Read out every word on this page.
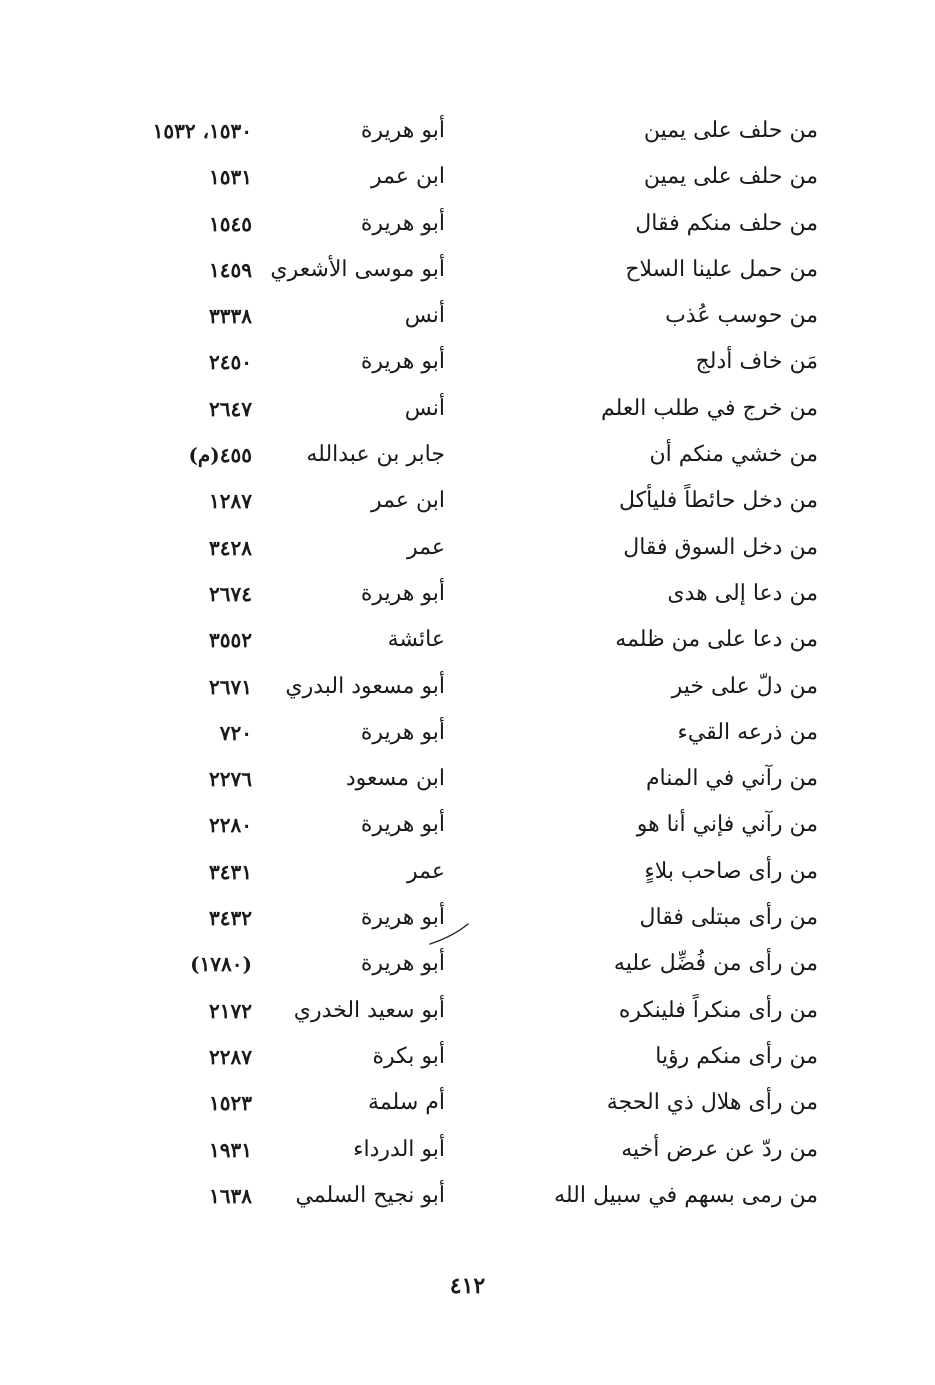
من حلف على يمين
أبو هريرة
١٥٣٠، ١٥٣٢
من حلف على يمين
ابن عمر
١٥٣١
من حلف منكم فقال
أبو هريرة
١٥٤٥
من حمل علينا السلاح
أبو موسى الأشعري
١٤٥٩
من حوسب عُذب
أنس
٣٣٣٨
مَن خاف أدلج
أبو هريرة
٢٤٥٠
من خرج في طلب العلم
أنس
٢٦٤٧
من خشي منكم أن
جابر بن عبدالله
٤٥٥(م)
من دخل حائطاً فليأكل
ابن عمر
١٢٨٧
من دخل السوق فقال
عمر
٣٤٢٨
من دعا إلى هدى
أبو هريرة
٢٦٧٤
من دعا على من ظلمه
عائشة
٣٥٥٢
من دلّ على خير
أبو مسعود البدري
٢٦٧١
من ذرعه القيء
أبو هريرة
٧٢٠
من رآني في المنام
ابن مسعود
٢٢٧٦
من رآني فإني أنا هو
أبو هريرة
٢٢٨٠
من رأى صاحب بلاءٍ
عمر
٣٤٣١
من رأى مبتلى فقال
أبو هريرة
٣٤٣٢
من رأى من فُضِّل عليه
أبو هريرة
(١٧٨٠)
من رأى منكراً فلينكره
أبو سعيد الخدري
٢١٧٢
من رأى منكم رؤيا
أبو بكرة
٢٢٨٧
من رأى هلال ذي الحجة
أم سلمة
١٥٢٣
من ردّ عن عرض أخيه
أبو الدرداء
١٩٣١
من رمى بسهم في سبيل الله
أبو نجيح السلمي
١٦٣٨
٤١٢
